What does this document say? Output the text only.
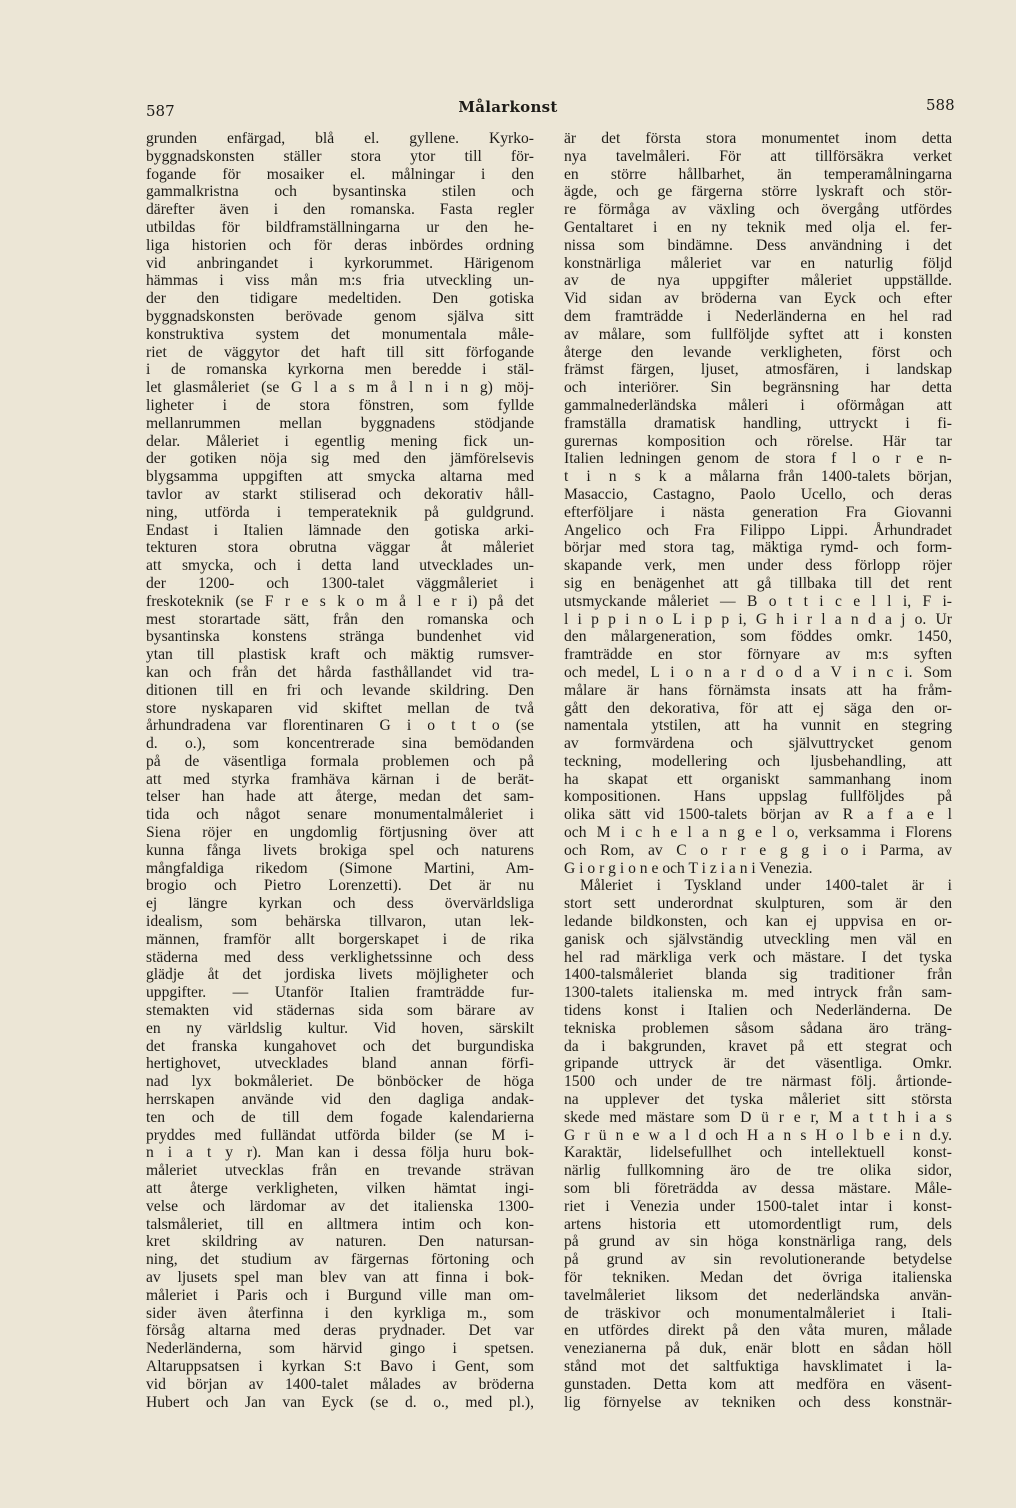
587	Målarkonst	588
grunden enfärgad, blå el. gyllene. Kyrko-
byggnadskonsten ställer stora ytor till för-
fogande för mosaiker el. målningar i den
gammalkristna och bysantinska stilen och
därefter även i den romanska. Fasta regler
utbildas för bildframställningarna ur den he-
liga historien och för deras inbördes ordning
vid anbringandet i kyrkorummet. Härigenom
hämmas i viss mån m:s fria utveckling un-
der den tidigare medeltiden. Den gotiska
byggnadskonsten berövade genom själva sitt
konstruktiva system det monumentala måle-
riet de väggytor det haft till sitt förfogande
i de romanska kyrkorna men beredde i stäl-
let glasmåleriet (se G l a s m å l n i n g) möj-
ligheter i de stora fönstren, som fyllde
mellanrummen mellan byggnadens stödjande
delar. Måleriet i egentlig mening fick un-
der gotiken nöja sig med den jämförelsevis
blygsamma uppgiften att smycka altarna med
tavlor av starkt stiliserad och dekorativ håll-
ning, utförda i temperateknik på guldgrund.
Endast i Italien lämnade den gotiska arki-
tekturen stora obrutna väggar åt måleriet
att smycka, och i detta land utvecklades un-
der 1200- och 1300-talet väggmåleriet i
freskoteknik (se F r e s k o m å l e r i) på det
mest storartade sätt, från den romanska och
bysantinska konstens stränga bundenhet vid
ytan till plastisk kraft och mäktig rumsver-
kan och från det hårda fasthållandet vid tra-
ditionen till en fri och levande skildring. Den
store nyskaparen vid skiftet mellan de två
århundradena var florentinaren G i o t t o (se
d. o.), som koncentrerade sina bemödanden
på de väsentliga formala problemen och på
att med styrka framhäva kärnan i de berät-
telser han hade att återge, medan det sam-
tida och något senare monumentalmåleriet i
Siena röjer en ungdomlig förtjusning över att
kunna fånga livets brokiga spel och naturens
mångfaldiga rikedom (Simone Martini, Am-
brogio och Pietro Lorenzetti). Det är nu
ej längre kyrkan och dess övervärldsliga
idealism, som behärska tillvaron, utan lek-
männen, framför allt borgerskapet i de rika
städerna med dess verklighetssinne och dess
glädje åt det jordiska livets möjligheter och
uppgifter. — Utanför Italien framträdde fur-
stemakten vid städernas sida som bärare av
en ny världslig kultur. Vid hoven, särskilt
det franska kungahovet och det burgundiska
hertighovet, utvecklades bland annan förfi-
nad lyx bokmåleriet. De bönböcker de höga
herrskapen använde vid den dagliga andak-
ten och de till dem fogade kalendarierna
pryddes med fulländat utförda bilder (se M i-
n i a t y r). Man kan i dessa följa huru bok-
måleriet utvecklas från en trevande strävan
att återge verkligheten, vilken hämtat ingi-
velse och lärdomar av det italienska 1300-
talsmåleriet, till en alltmera intim och kon-
kret skildring av naturen. Den natursan-
ning, det studium av färgernas förtoning och
av ljusets spel man blev van att finna i bok-
måleriet i Paris och i Burgund ville man om-
sider även återfinna i den kyrkliga m., som
försåg altarna med deras prydnader. Det var
Nederländerna, som härvid gingo i spetsen.
Altaruppsatsen i kyrkan S:t Bavo i Gent, som
vid början av 1400-talet målades av bröderna
Hubert och Jan van Eyck (se d. o., med pl.),
är det första stora monumentet inom detta
nya tavelmåleri. För att tillförsäkra verket
en större hållbarhet, än temperamålningarna
ägde, och ge färgerna större lyskraft och stör-
re förmåga av växling och övergång utfördes
Gentaltaret i en ny teknik med olja el. fer-
nissa som bindämne. Dess användning i det
konstnärliga måleriet var en naturlig följd
av de nya uppgifter måleriet uppställde.
Vid sidan av bröderna van Eyck och efter
dem framträdde i Nederländerna en hel rad
av målare, som fullföljde syftet att i konsten
återge den levande verkligheten, först och
främst färgen, ljuset, atmosfären, i landskap
och interiörer. Sin begränsning har detta
gammalnederländska måleri i oförmågan att
framställa dramatisk handling, uttryckt i fi-
gurernas komposition och rörelse. Här tar
Italien ledningen genom de stora f l o r e n-
t i n s k a målarna från 1400-talets början,
Masaccio, Castagno, Paolo Ucello, och deras
efterföljare i nästa generation Fra Giovanni
Angelico och Fra Filippo Lippi. Århundradet
börjar med stora tag, mäktiga rymd- och form-
skapande verk, men under dess förlopp röjer
sig en benägenhet att gå tillbaka till det rent
utsmyckande måleriet — B o t t i c e l l i, F i-
l i p p i n o L i p p i, G h i r l a n d a j o. Ur
den målargeneration, som föddes omkr. 1450,
framträdde en stor förnyare av m:s syften
och medel, L i o n a r d o d a V i n c i. Som
målare är hans förnämsta insats att ha fråm-
gått den dekorativa, för att ej säga den or-
namentala ytstilen, att ha vunnit en stegring
av formvärdena och självuttrycket genom
teckning, modellering och ljusbehandling, att
ha skapat ett organiskt sammanhang inom
kompositionen. Hans uppslag fullföljdes på
olika sätt vid 1500-talets början av R a f a e l
och M i c h e l a n g e l o, verksamma i Florens
och Rom, av C o r r e g g i o i Parma, av
G i o r g i o n e och T i z i a n i Venezia.
Måleriet i Tyskland under 1400-talet är i
stort sett underordnat skulpturen, som är den
ledande bildkonsten, och kan ej uppvisa en or-
ganisk och självständig utveckling men väl en
hel rad märkliga verk och mästare. I det tyska
1400-talsmåleriet blanda sig traditioner från
1300-talets italienska m. med intryck från sam-
tidens konst i Italien och Nederländerna. De
tekniska problemen såsom sådana äro träng-
da i bakgrunden, kravet på ett stegrat och
gripande uttryck är det väsentliga. Omkr.
1500 och under de tre närmast följ. årtionde-
na upplever det tyska måleriet sitt största
skede med mästare som D ü r e r, M a t t h i a s
G r ü n e w a l d och H a n s H o l b e i n d.y.
Karaktär, lidelsefullhet och intellektuell konst-
närlig fullkomning äro de tre olika sidor,
som bli företrädda av dessa mästare. Måle-
riet i Venezia under 1500-talet intar i konst-
artens historia ett utomordentligt rum, dels
på grund av sin höga konstnärliga rang, dels
på grund av sin revolutionerande betydelse
för tekniken. Medan det övriga italienska
tavelmåleriet liksom det nederländska använ-
de träskivor och monumentalmåleriet i Itali-
en utfördes direkt på den våta muren, målade
venezianerna på duk, enär blott en sådan höll
stånd mot det saltfuktiga havsklimatet i la-
gunstaden. Detta kom att medföra en väsent-
lig förnyelse av tekniken och dess konstnär-
